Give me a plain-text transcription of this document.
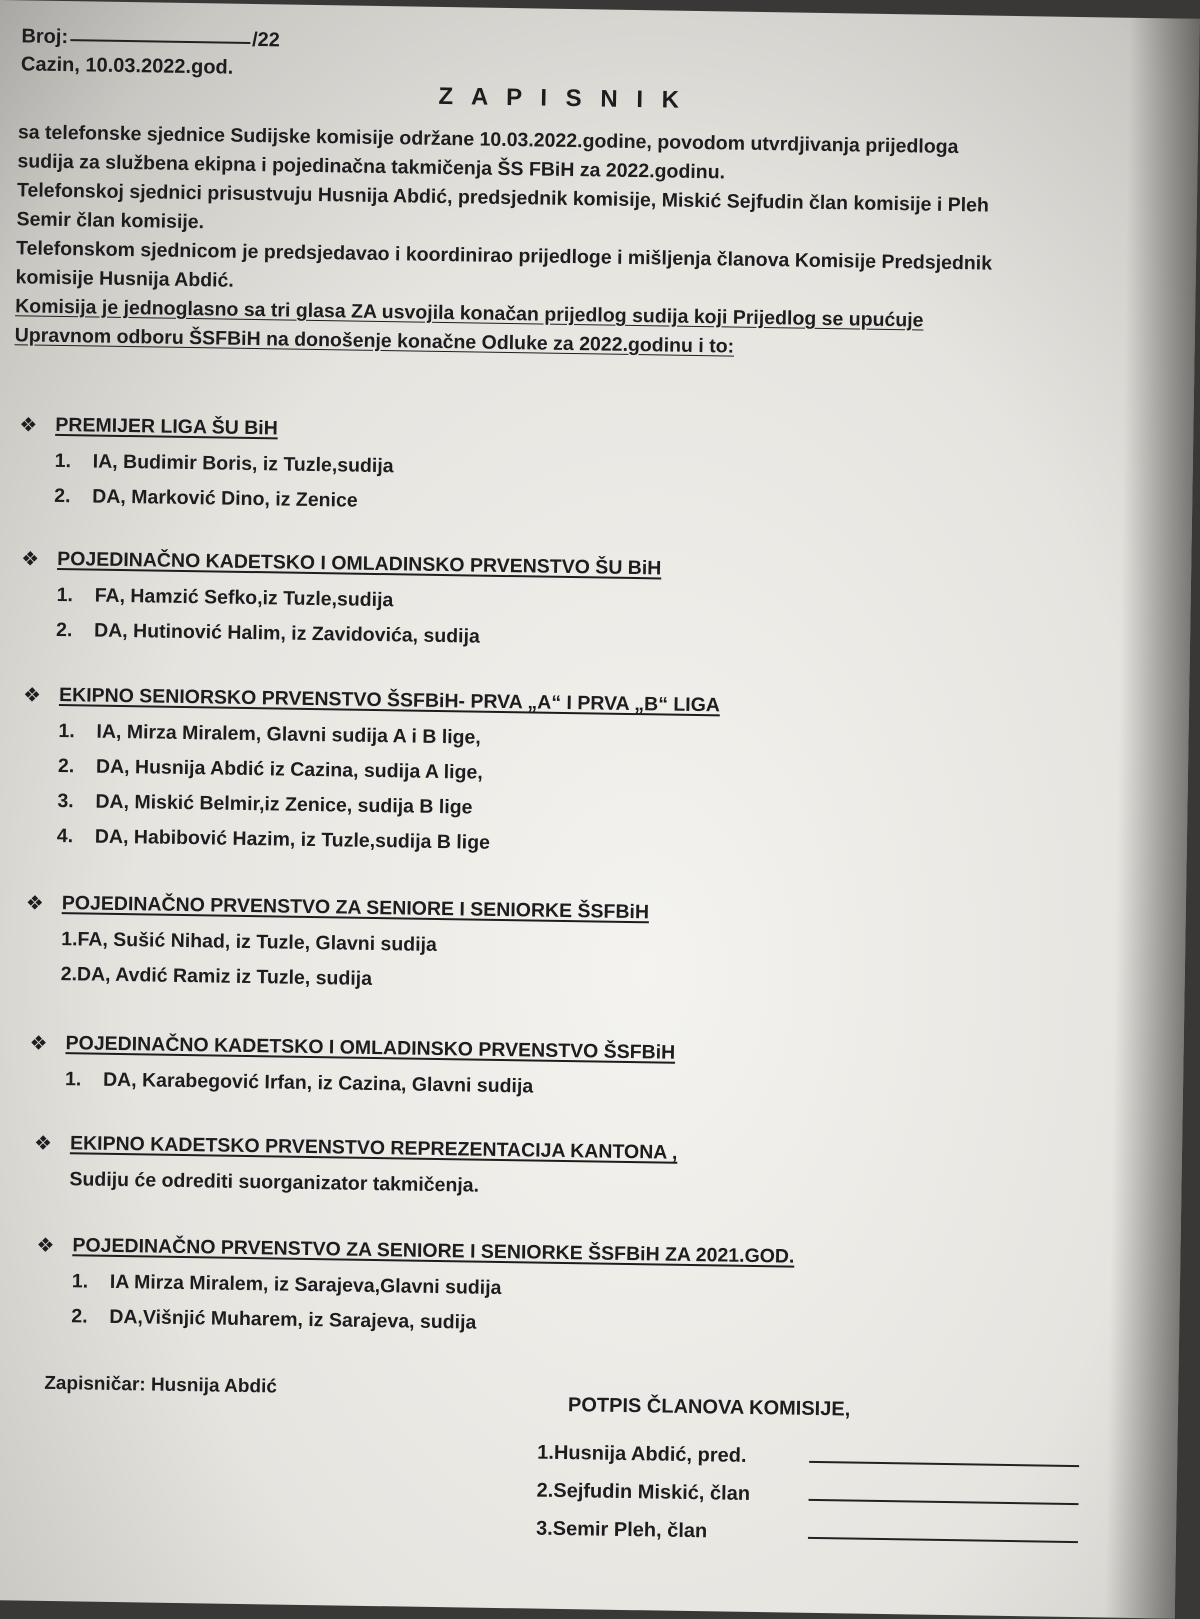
Broj:	/22
Cazin, 10.03.2022.god.
Z A P I S N I K

sa telefonske sjednice Sudijske komisije održane 10.03.2022.godine, povodom utvrdjivanja prijedloga sudija za službena ekipna i pojedinačna takmičenja ŠS FBiH za 2022.godinu.

Telefonskoj sjednici prisustvuju Husnija Abdić, predsjednik komisije, Miskić Sejfudin član komisije i Pleh Semir član komisije.

Telefonskom sjednicom je predsjedavao i koordinirao prijedloge i mišljenja članova Komisije Predsjednik komisije Husnija Abdić.

Komisija je jednoglasno sa tri glasa ZA usvojila konačan prijedlog sudija koji Prijedlog se upućuje Upravnom odboru ŠSFBiH na donošenje konačne Odluke za 2022.godinu i to:

❖ PREMIJER LIGA ŠU BiH
1. IA, Budimir Boris, iz Tuzle,sudija
2. DA, Marković Dino, iz Zenice
❖ POJEDINAČNO KADETSKO I OMLADINSKO PRVENSTVO ŠU BiH
1. FA, Hamzić Sefko,iz Tuzle,sudija
2. DA, Hutinović Halim, iz Zavidovića, sudija
❖ EKIPNO SENIORSKO PRVENSTVO ŠSFBiH- PRVA „A“ I PRVA „B“ LIGA
1. IA, Mirza Miralem, Glavni sudija A i B lige,
2. DA, Husnija Abdić iz Cazina, sudija A lige,
3. DA, Miskić Belmir,iz Zenice, sudija B lige
4. DA, Habibović Hazim, iz Tuzle,sudija B lige
❖ POJEDINAČNO PRVENSTVO ZA SENIORE I SENIORKE ŠSFBiH
1.FA, Sušić Nihad, iz Tuzle, Glavni sudija
2.DA, Avdić Ramiz iz Tuzle, sudija
❖ POJEDINAČNO KADETSKO I OMLADINSKO PRVENSTVO ŠSFBiH
1. DA, Karabegović Irfan, iz Cazina, Glavni sudija
❖ EKIPNO KADETSKO PRVENSTVO REPREZENTACIJA KANTONA ,
Sudiju će odrediti suorganizator takmičenja.
❖ POJEDINAČNO PRVENSTVO ZA SENIORE I SENIORKE ŠSFBiH ZA 2021.GOD.
1. IA Mirza Miralem, iz Sarajeva,Glavni sudija
2. DA,Višnjić Muharem, iz Sarajeva, sudija
Zapisničar: Husnija Abdić
POTPIS ČLANOVA KOMISIJE,
1.Husnija Abdić, pred.
2.Sejfudin Miskić, član
3.Semir Pleh, član
